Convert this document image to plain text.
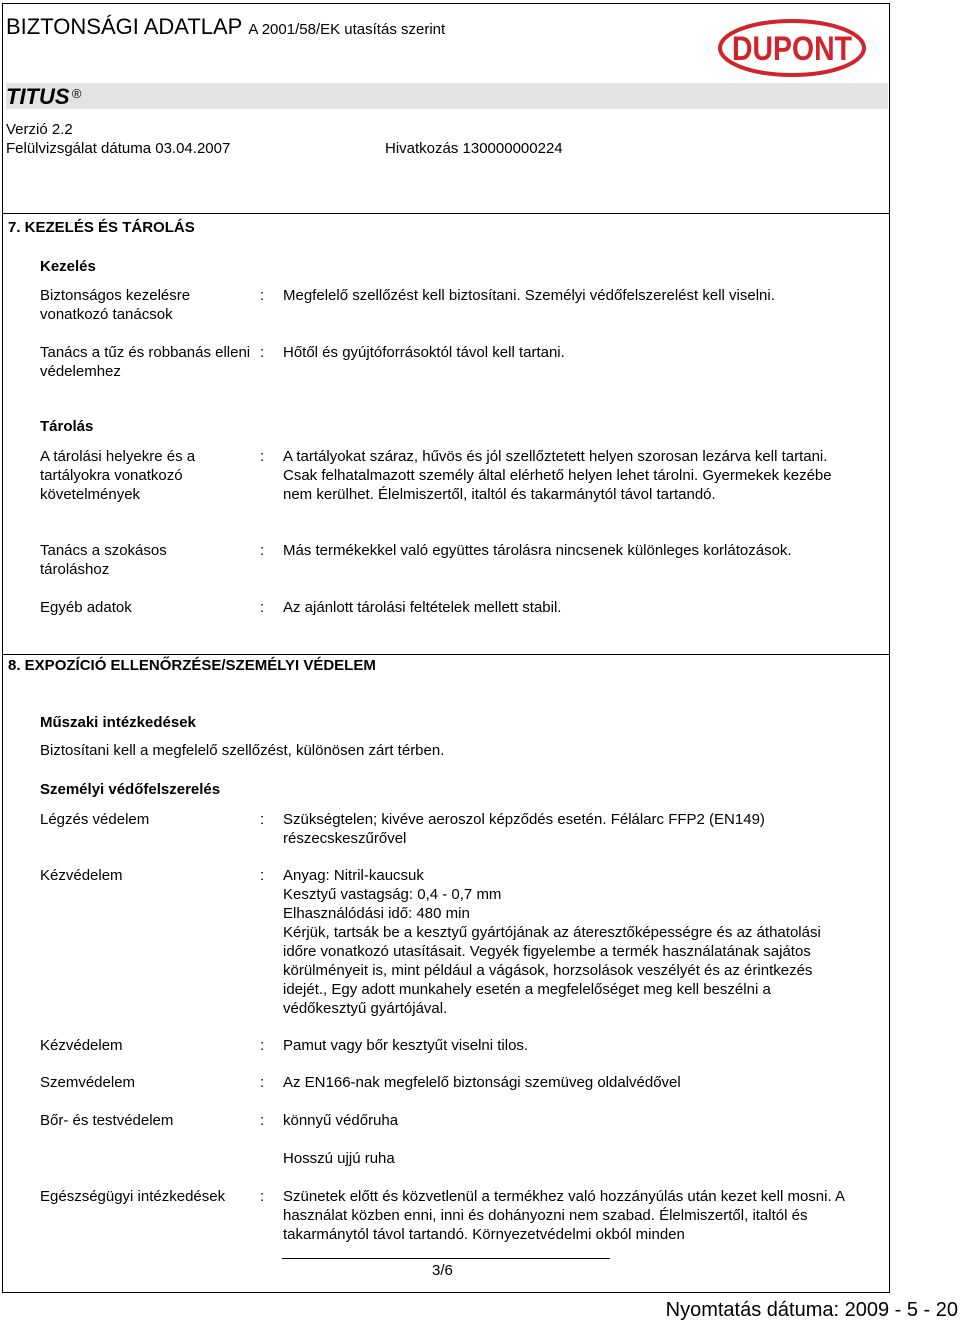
BIZTONSÁGI ADATLAP A 2001/58/EK utasítás szerint
DUPONT
TITUS ®
Verzió 2.2
Felülvizsgálat dátuma 03.04.2007	Hivatkozás 130000000224
7. KEZELÉS ÉS TÁROLÁS
Kezelés
Biztonságos kezelésre vonatkozó tanácsok
: Megfelelő szellőzést kell biztosítani. Személyi védőfelszerelést kell viselni.
Tanács a tűz és robbanás elleni védelemhez
: Hőtől és gyújtóforrásoktól távol kell tartani.
Tárolás
A tárolási helyekre és a tartályokra vonatkozó követelmények
: A tartályokat száraz, hűvös és jól szellőztetett helyen szorosan lezárva kell tartani. Csak felhatalmazott személy által elérhető helyen lehet tárolni. Gyermekek kezébe nem kerülhet. Élelmiszertől, italtól és takarmánytól távol tartandó.
Tanács a szokásos tároláshoz
: Más termékekkel való együttes tárolásra nincsenek különleges korlátozások.
Egyéb adatok	: Az ajánlott tárolási feltételek mellett stabil.
8. EXPOZÍCIÓ ELLENŐRZÉSE/SZEMÉLYI VÉDELEM
Műszaki intézkedések
Biztosítani kell a megfelelő szellőzést, különösen zárt térben.
Személyi védőfelszerelés
Légzés védelem	: Szükségtelen; kivéve aeroszol képződés esetén. Félálarc FFP2 (EN149) részecskeszűrővel
Kézvédelem	: Anyag: Nitril-kaucsuk
Kesztyű vastagság: 0,4 - 0,7 mm
Elhasználódási idő: 480 min
Kérjük, tartsák be a kesztyű gyártójának az áteresztőképességre és az áthatolási időre vonatkozó utasításait. Vegyék figyelembe a termék használatának sajátos körülményeit is, mint például a vágások, horzsolások veszélyét és az érintkezés idejét., Egy adott munkahely esetén a megfelelőséget meg kell beszélni a védőkesztyű gyártójával.
Kézvédelem	: Pamut vagy bőr kesztyűt viselni tilos.
Szemvédelem	: Az EN166-nak megfelelő biztonsági szemüveg oldalvédővel
Bőr- és testvédelem	: könnyű védőruha
Hosszú ujjú ruha
Egészségügyi intézkedések	: Szünetek előtt és közvetlenül a termékhez való hozzányúlás után kezet kell mosni. A használat közben enni, inni és dohányozni nem szabad. Élelmiszertől, italtól és takarmánytól távol tartandó. Környezetvédelmi okból minden
3/6
Nyomtatás dátuma: 2009 - 5 - 20
